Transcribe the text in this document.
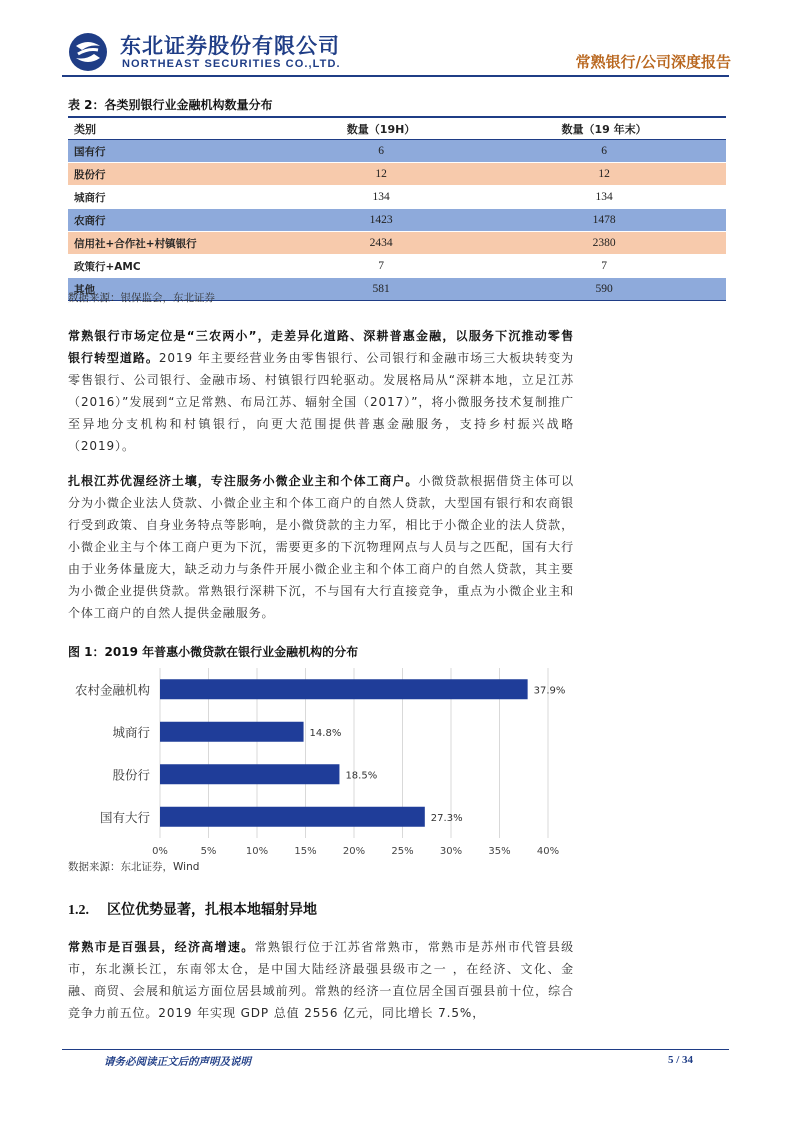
东北证券股份有限公司
NORTHEAST SECURITIES CO.,LTD.	常熟银行/公司深度报告
表 2：各类别银行业金融机构数量分布
类别	数量（19H）	数量（19 年末）
国有行	6	6
股份行	12	12
城商行	134	134
农商行	1423	1478
信用社+合作社+村镇银行	2434	2380
政策行+AMC	7	7
其他	581	590
数据来源：银保监会，东北证券
常熟银行市场定位是“三农两小”，走差异化道路、深耕普惠金融，以服务下沉推动零售银行转型道路。2019 年主要经营业务由零售银行、公司银行和金融市场三大板块转变为零售银行、公司银行、金融市场、村镇银行四轮驱动。发展格局从“深耕本地，立足江苏（2016）”发展到“立足常熟、布局江苏、辐射全国（2017）”，将小微服务技术复制推广至异地分支机构和村镇银行，向更大范围提供普惠金融服务，支持乡村振兴战略（2019）。
扎根江苏优渥经济土壤，专注服务小微企业主和个体工商户。小微贷款根据借贷主体可以分为小微企业法人贷款、小微企业主和个体工商户的自然人贷款，大型国有银行和农商银行受到政策、自身业务特点等影响，是小微贷款的主力军，相比于小微企业的法人贷款，小微企业主与个体工商户更为下沉，需要更多的下沉物理网点与人员与之匹配，国有大行由于业务体量庞大，缺乏动力与条件开展小微企业主和个体工商户的自然人贷款，其主要为小微企业提供贷款。常熟银行深耕下沉，不与国有大行直接竞争，重点为小微企业主和个体工商户的自然人提供金融服务。
图 1：2019 年普惠小微贷款在银行业金融机构的分布
0%	5%	10%	15%	20%	25%	30%	35%	40%
农村金融机构	37.9%
城商行	14.8%
股份行	18.5%
国有大行	27.3%
数据来源：东北证券，Wind
1.2. 区位优势显著，扎根本地辐射异地
常熟市是百强县，经济高增速。常熟银行位于江苏省常熟市，常熟市是苏州市代管县级市，东北濒长江，东南邻太仓，是中国大陆经济最强县级市之一 ，在经济、文化、金融、商贸、会展和航运方面位居县域前列。常熟的经济一直位居全国百强县前十位，综合竞争力前五位。2019 年实现 GDP 总值 2556 亿元，同比增长 7.5%，
请务必阅读正文后的声明及说明	5 / 34
